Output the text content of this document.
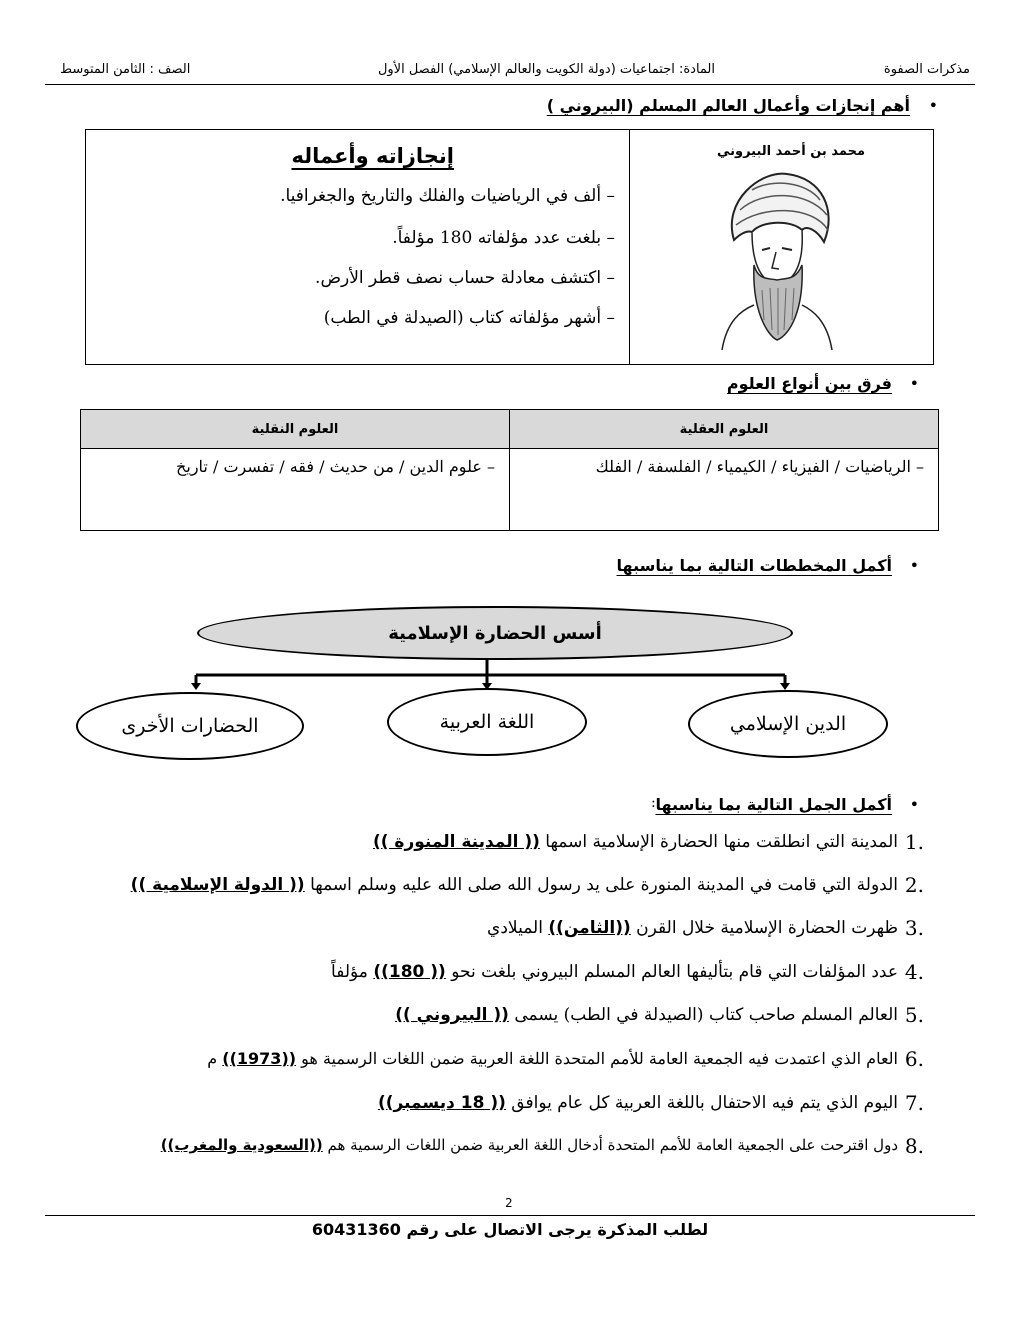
مذكرات الصفوة
المادة: اجتماعيات (دولة الكويت والعالم الإسلامي) الفصل الأول
الصف : الثامن المتوسط
•
أهم إنجازات وأعمال العالم المسلم (البيروني )
محمد بن أحمد البيروني
إنجازاته وأعماله
– ألف في الرياضيات والفلك والتاريخ والجغرافيا.
– بلغت عدد مؤلفاته 180 مؤلفاً.
– اكتشف معادلة حساب نصف قطر الأرض.
– أشهر مؤلفاته كتاب (الصيدلة في الطب)
•
فرق بين أنواع العلوم
العلوم العقلية	العلوم النقلية
– الرياضيات / الفيزياء / الكيمياء / الفلسفة / الفلك	– علوم الدين / من حديث / فقه / تفسرت / تاريخ
•
أكمل المخططات التالية بما يناسبها
أسس الحضارة الإسلامية
الدين الإسلامي
اللغة العربية
الحضارات الأخرى
•
أكمل الجمل التالية بما يناسبها
:
1.
المدينة التي انطلقت منها الحضارة الإسلامية اسمها (( المدينة المنورة ))
2.
الدولة التي قامت في المدينة المنورة على يد رسول الله صلى الله عليه وسلم اسمها (( الدولة الإسلامية ))
3.
ظهرت الحضارة الإسلامية خلال القرن ((الثامن)) الميلادي
4.
عدد المؤلفات التي قام بتأليفها العالم المسلم البيروني بلغت نحو (( 180)) مؤلفاً
5.
العالم المسلم صاحب كتاب (الصيدلة في الطب) يسمى (( البيروني ))
6.
العام الذي اعتمدت فيه الجمعية العامة للأمم المتحدة اللغة العربية ضمن اللغات الرسمية هو ((1973)) م
7.
اليوم الذي يتم فيه الاحتفال باللغة العربية كل عام يوافق (( 18 ديسمبر))
8.
دول اقترحت على الجمعية العامة للأمم المتحدة أدخال اللغة العربية ضمن اللغات الرسمية هم ((السعودية والمغرب))
2
لطلب المذكرة يرجى الاتصال على رقم 60431360
